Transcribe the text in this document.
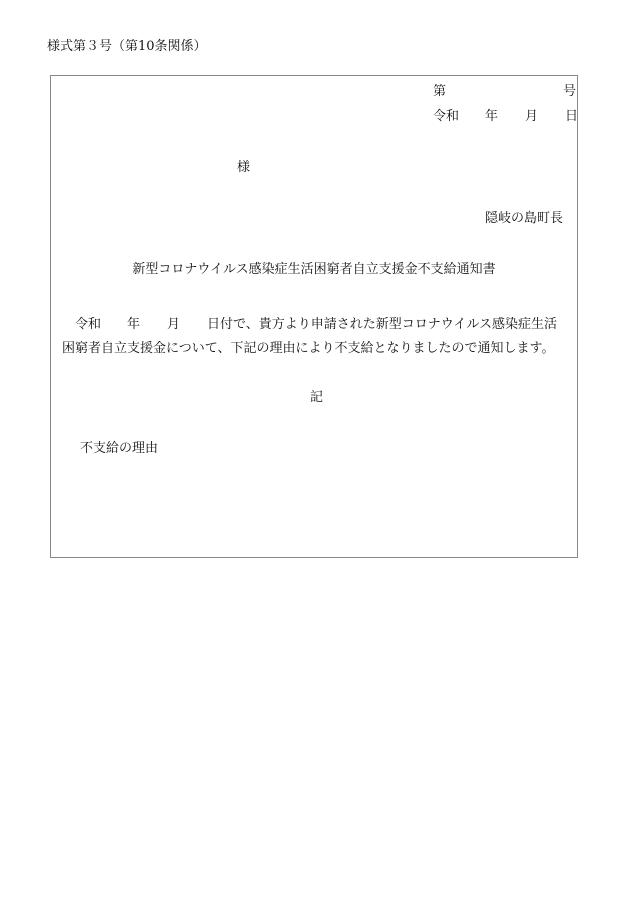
様式第３号（第10条関係）
第	号
令和 年 月 日
様
隠岐の島町長
新型コロナウイルス感染症生活困窮者自立支援金不支給通知書
令和 年 月 日付で、貴方より申請された新型コロナウイルス感染症生活
困窮者自立支援金について、下記の理由により不支給となりましたので通知します。
記
不支給の理由
